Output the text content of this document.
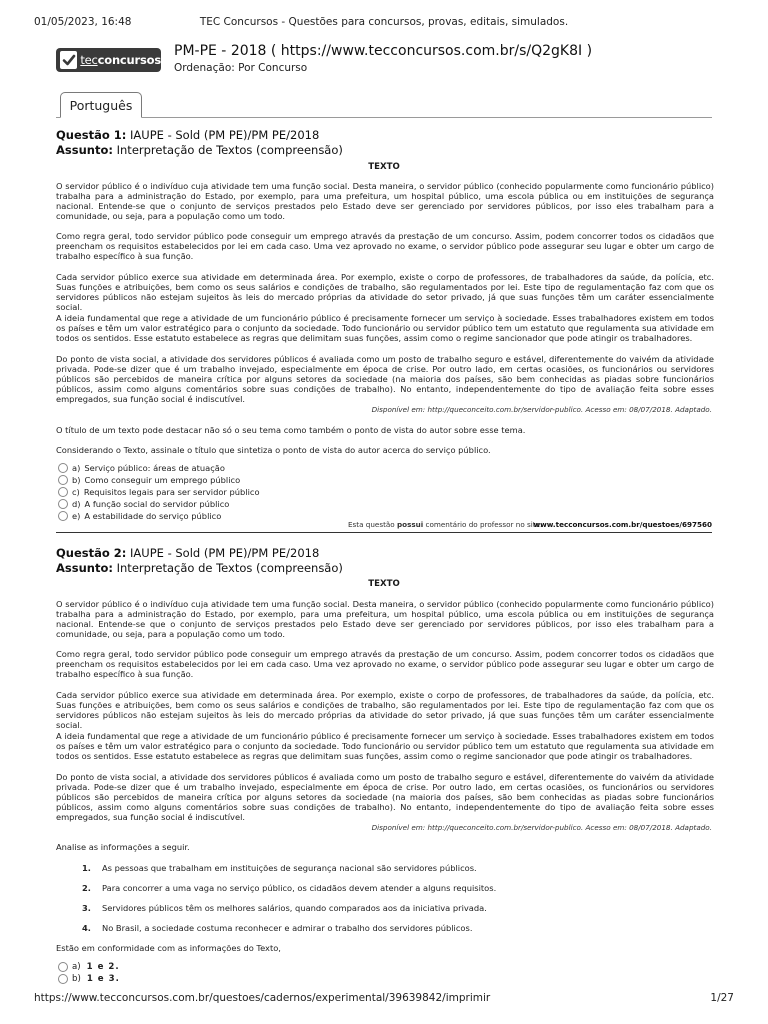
01/05/2023, 16:48	TEC Concursos - Questões para concursos, provas, editais, simulados.
tecconcursos
PM-PE - 2018 ( https://www.tecconcursos.com.br/s/Q2gK8I )
Ordenação: Por Concurso
Português
Questão 1: IAUPE - Sold (PM PE)/PM PE/2018
Assunto: Interpretação de Textos (compreensão)
TEXTO
O servidor público é o indivíduo cuja atividade tem uma função social. Desta maneira, o servidor público (conhecido popularmente como funcionário público) trabalha para a administração do Estado, por exemplo, para uma prefeitura, um hospital público, uma escola pública ou em instituições de segurança nacional. Entende-se que o conjunto de serviços prestados pelo Estado deve ser gerenciado por servidores públicos, por isso eles trabalham para a comunidade, ou seja, para a população como um todo.
Como regra geral, todo servidor público pode conseguir um emprego através da prestação de um concurso. Assim, podem concorrer todos os cidadãos que preencham os requisitos estabelecidos por lei em cada caso. Uma vez aprovado no exame, o servidor público pode assegurar seu lugar e obter um cargo de trabalho específico à sua função.
Cada servidor público exerce sua atividade em determinada área. Por exemplo, existe o corpo de professores, de trabalhadores da saúde, da polícia, etc. Suas funções e atribuições, bem como os seus salários e condições de trabalho, são regulamentados por lei. Este tipo de regulamentação faz com que os servidores públicos não estejam sujeitos às leis do mercado próprias da atividade do setor privado, já que suas funções têm um caráter essencialmente social.
A ideia fundamental que rege a atividade de um funcionário público é precisamente fornecer um serviço à sociedade. Esses trabalhadores existem em todos os países e têm um valor estratégico para o conjunto da sociedade. Todo funcionário ou servidor público tem um estatuto que regulamenta sua atividade em todos os sentidos. Esse estatuto estabelece as regras que delimitam suas funções, assim como o regime sancionador que pode atingir os trabalhadores.
Do ponto de vista social, a atividade dos servidores públicos é avaliada como um posto de trabalho seguro e estável, diferentemente do vaivém da atividade privada. Pode-se dizer que é um trabalho invejado, especialmente em época de crise. Por outro lado, em certas ocasiões, os funcionários ou servidores públicos são percebidos de maneira crítica por alguns setores da sociedade (na maioria dos países, são bem conhecidas as piadas sobre funcionários públicos, assim como alguns comentários sobre suas condições de trabalho). No entanto, independentemente do tipo de avaliação feita sobre esses empregados, sua função social é indiscutível.
Disponível em: http://queconceito.com.br/servidor-publico. Acesso em: 08/07/2018. Adaptado.
O título de um texto pode destacar não só o seu tema como também o ponto de vista do autor sobre esse tema.
Considerando o Texto, assinale o título que sintetiza o ponto de vista do autor acerca do serviço público.
a) Serviço público: áreas de atuação
b) Como conseguir um emprego público
c) Requisitos legais para ser servidor público
d) A função social do servidor público
e) A estabilidade do serviço público
Esta questão possui comentário do professor no site.
www.tecconcursos.com.br/questoes/697560
Questão 2: IAUPE - Sold (PM PE)/PM PE/2018
Assunto: Interpretação de Textos (compreensão)
TEXTO
O servidor público é o indivíduo cuja atividade tem uma função social. Desta maneira, o servidor público (conhecido popularmente como funcionário público) trabalha para a administração do Estado, por exemplo, para uma prefeitura, um hospital público, uma escola pública ou em instituições de segurança nacional. Entende-se que o conjunto de serviços prestados pelo Estado deve ser gerenciado por servidores públicos, por isso eles trabalham para a comunidade, ou seja, para a população como um todo.
Como regra geral, todo servidor público pode conseguir um emprego através da prestação de um concurso. Assim, podem concorrer todos os cidadãos que preencham os requisitos estabelecidos por lei em cada caso. Uma vez aprovado no exame, o servidor público pode assegurar seu lugar e obter um cargo de trabalho específico à sua função.
Cada servidor público exerce sua atividade em determinada área. Por exemplo, existe o corpo de professores, de trabalhadores da saúde, da polícia, etc. Suas funções e atribuições, bem como os seus salários e condições de trabalho, são regulamentados por lei. Este tipo de regulamentação faz com que os servidores públicos não estejam sujeitos às leis do mercado próprias da atividade do setor privado, já que suas funções têm um caráter essencialmente social.
A ideia fundamental que rege a atividade de um funcionário público é precisamente fornecer um serviço à sociedade. Esses trabalhadores existem em todos os países e têm um valor estratégico para o conjunto da sociedade. Todo funcionário ou servidor público tem um estatuto que regulamenta sua atividade em todos os sentidos. Esse estatuto estabelece as regras que delimitam suas funções, assim como o regime sancionador que pode atingir os trabalhadores.
Do ponto de vista social, a atividade dos servidores públicos é avaliada como um posto de trabalho seguro e estável, diferentemente do vaivém da atividade privada. Pode-se dizer que é um trabalho invejado, especialmente em época de crise. Por outro lado, em certas ocasiões, os funcionários ou servidores públicos são percebidos de maneira crítica por alguns setores da sociedade (na maioria dos países, são bem conhecidas as piadas sobre funcionários públicos, assim como alguns comentários sobre suas condições de trabalho). No entanto, independentemente do tipo de avaliação feita sobre esses empregados, sua função social é indiscutível.
Disponível em: http://queconceito.com.br/servidor-publico. Acesso em: 08/07/2018. Adaptado.
Analise as informações a seguir.
1.	As pessoas que trabalham em instituições de segurança nacional são servidores públicos.
2.	Para concorrer a uma vaga no serviço público, os cidadãos devem atender a alguns requisitos.
3.	Servidores públicos têm os melhores salários, quando comparados aos da iniciativa privada.
4.	No Brasil, a sociedade costuma reconhecer e admirar o trabalho dos servidores públicos.
Estão em conformidade com as informações do Texto,
a) 1 e 2.
b) 1 e 3.
https://www.tecconcursos.com.br/questoes/cadernos/experimental/39639842/imprimir	1/27
